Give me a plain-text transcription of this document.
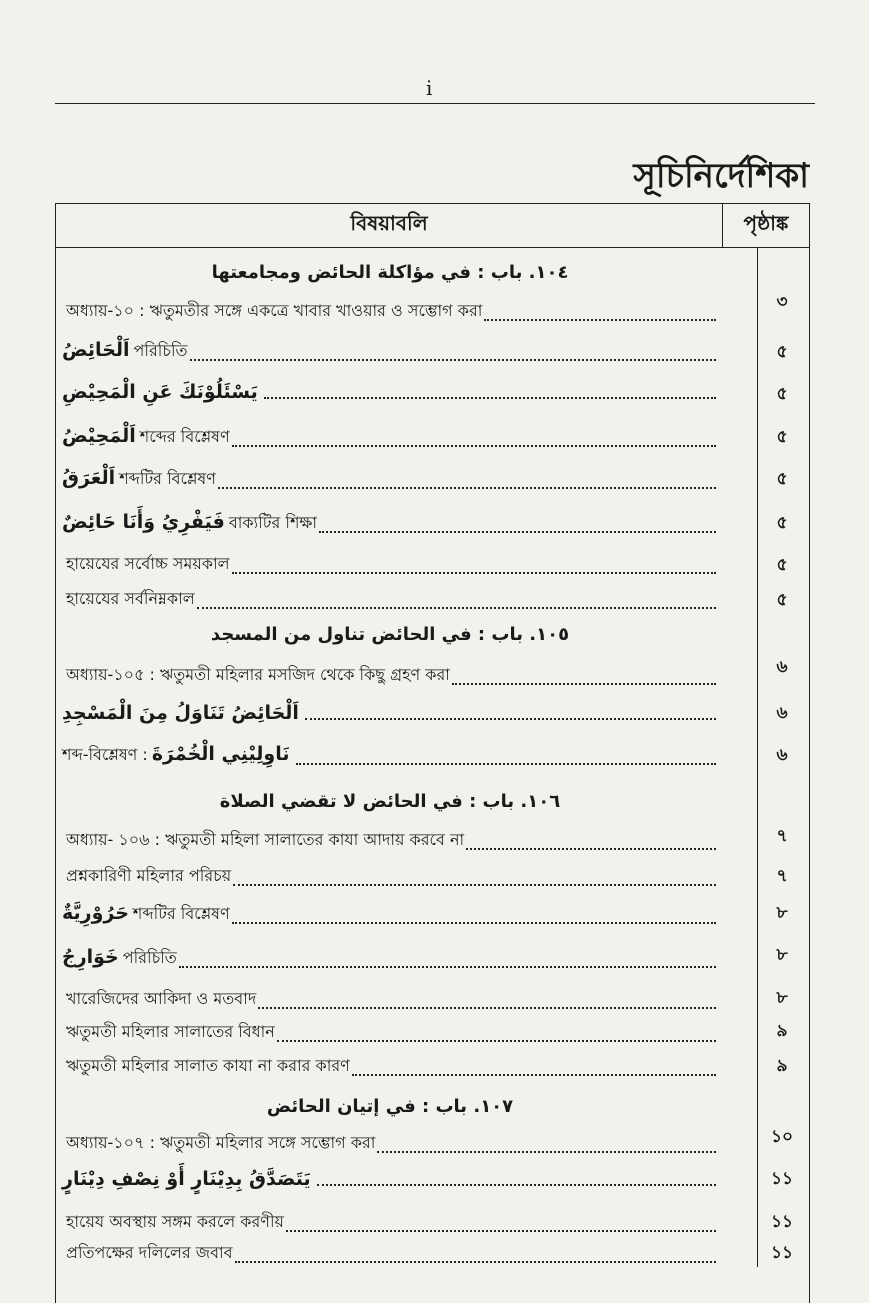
i
সূচিনির্দেশিকা
বিষয়াবলি	পৃষ্ঠাঙ্ক
١٠٤. باب : في مؤاكلة الحائض ومجامعتها
অধ্যায়-১০ : ঋতুমতীর সঙ্গে একত্রে খাবার খাওয়ার ও সম্ভোগ করা	৩
اَلْحَائِضُ পরিচিতি	৫
يَسْئَلُوْنَكَ عَنِ الْمَحِيْضِ	৫
اَلْمَحِيْضُ শব্দের বিশ্লেষণ	৫
اَلْعَرَقُ শব্দটির বিশ্লেষণ	৫
فَيَفْرِيُ وَأَنَا حَائِضٌ বাক্যটির শিক্ষা	৫
হায়েযের সর্বোচ্চ সময়কাল	৫
হায়েযের সর্বনিম্নকাল	৫
١٠٥. باب : في الحائض تناول من المسجد
অধ্যায়-১০৫ : ঋতুমতী মহিলার মসজিদ থেকে কিছু গ্রহণ করা	৬
اَلْحَائِضُ تَنَاوَلُ مِنَ الْمَسْجِدِ	৬
শব্দ-বিশ্লেষণ : نَاوِلِيْنِي الْخُمْرَةَ	৬
١٠٦. باب : في الحائض لا تقضي الصلاة
অধ্যায়- ১০৬ : ঋতুমতী মহিলা সালাতের কাযা আদায় করবে না	৭
প্রশ্নকারিণী মহিলার পরিচয়	৭
حَرُوْرِيَّةٌ শব্দটির বিশ্লেষণ	৮
خَوَارِجُ পরিচিতি	৮
খারেজিদের আকিদা ও মতবাদ	৮
ঋতুমতী মহিলার সালাতের বিধান	৯
ঋতুমতী মহিলার সালাত কাযা না করার কারণ	৯
١٠٧. باب : في إتيان الحائض
অধ্যায়-১০৭ : ঋতুমতী মহিলার সঙ্গে সম্ভোগ করা	১০
يَتَصَدَّقُ بِدِيْنَارٍ أَوْ نِصْفِ دِيْنَارٍ	১১
হায়েয অবস্থায় সঙ্গম করলে করণীয়	১১
প্রতিপক্ষের দলিলের জবাব	১১
